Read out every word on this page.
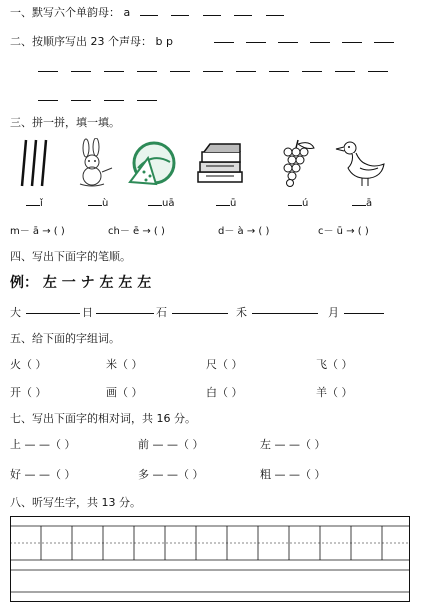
一、默写六个单韵母： a
二、按顺序写出 23 个声母： b p
三、拼一拼，填一填。
ǐ	ù	uā	ū	ú	ā
m－ ā → ( )	ch－ ē → ( )	d－ à → ( )	c－ ū → ( )
四、写出下面字的笔顺。
例： 左 一 ナ 左 左 左
大	日	石	禾	月
五、给下面的字组词。
火（ ）	米（ ）	尺（ ）	飞（ ）
开（ ）	画（ ）	白（ ）	羊（ ）
七、写出下面字的相对词，共 16 分。
上 — —（ ）	前 — —（ ）	左 — —（ ）
好 — —（ ）	多 — —（ ）	粗 — —（ ）
八、听写生字，共 13 分。
